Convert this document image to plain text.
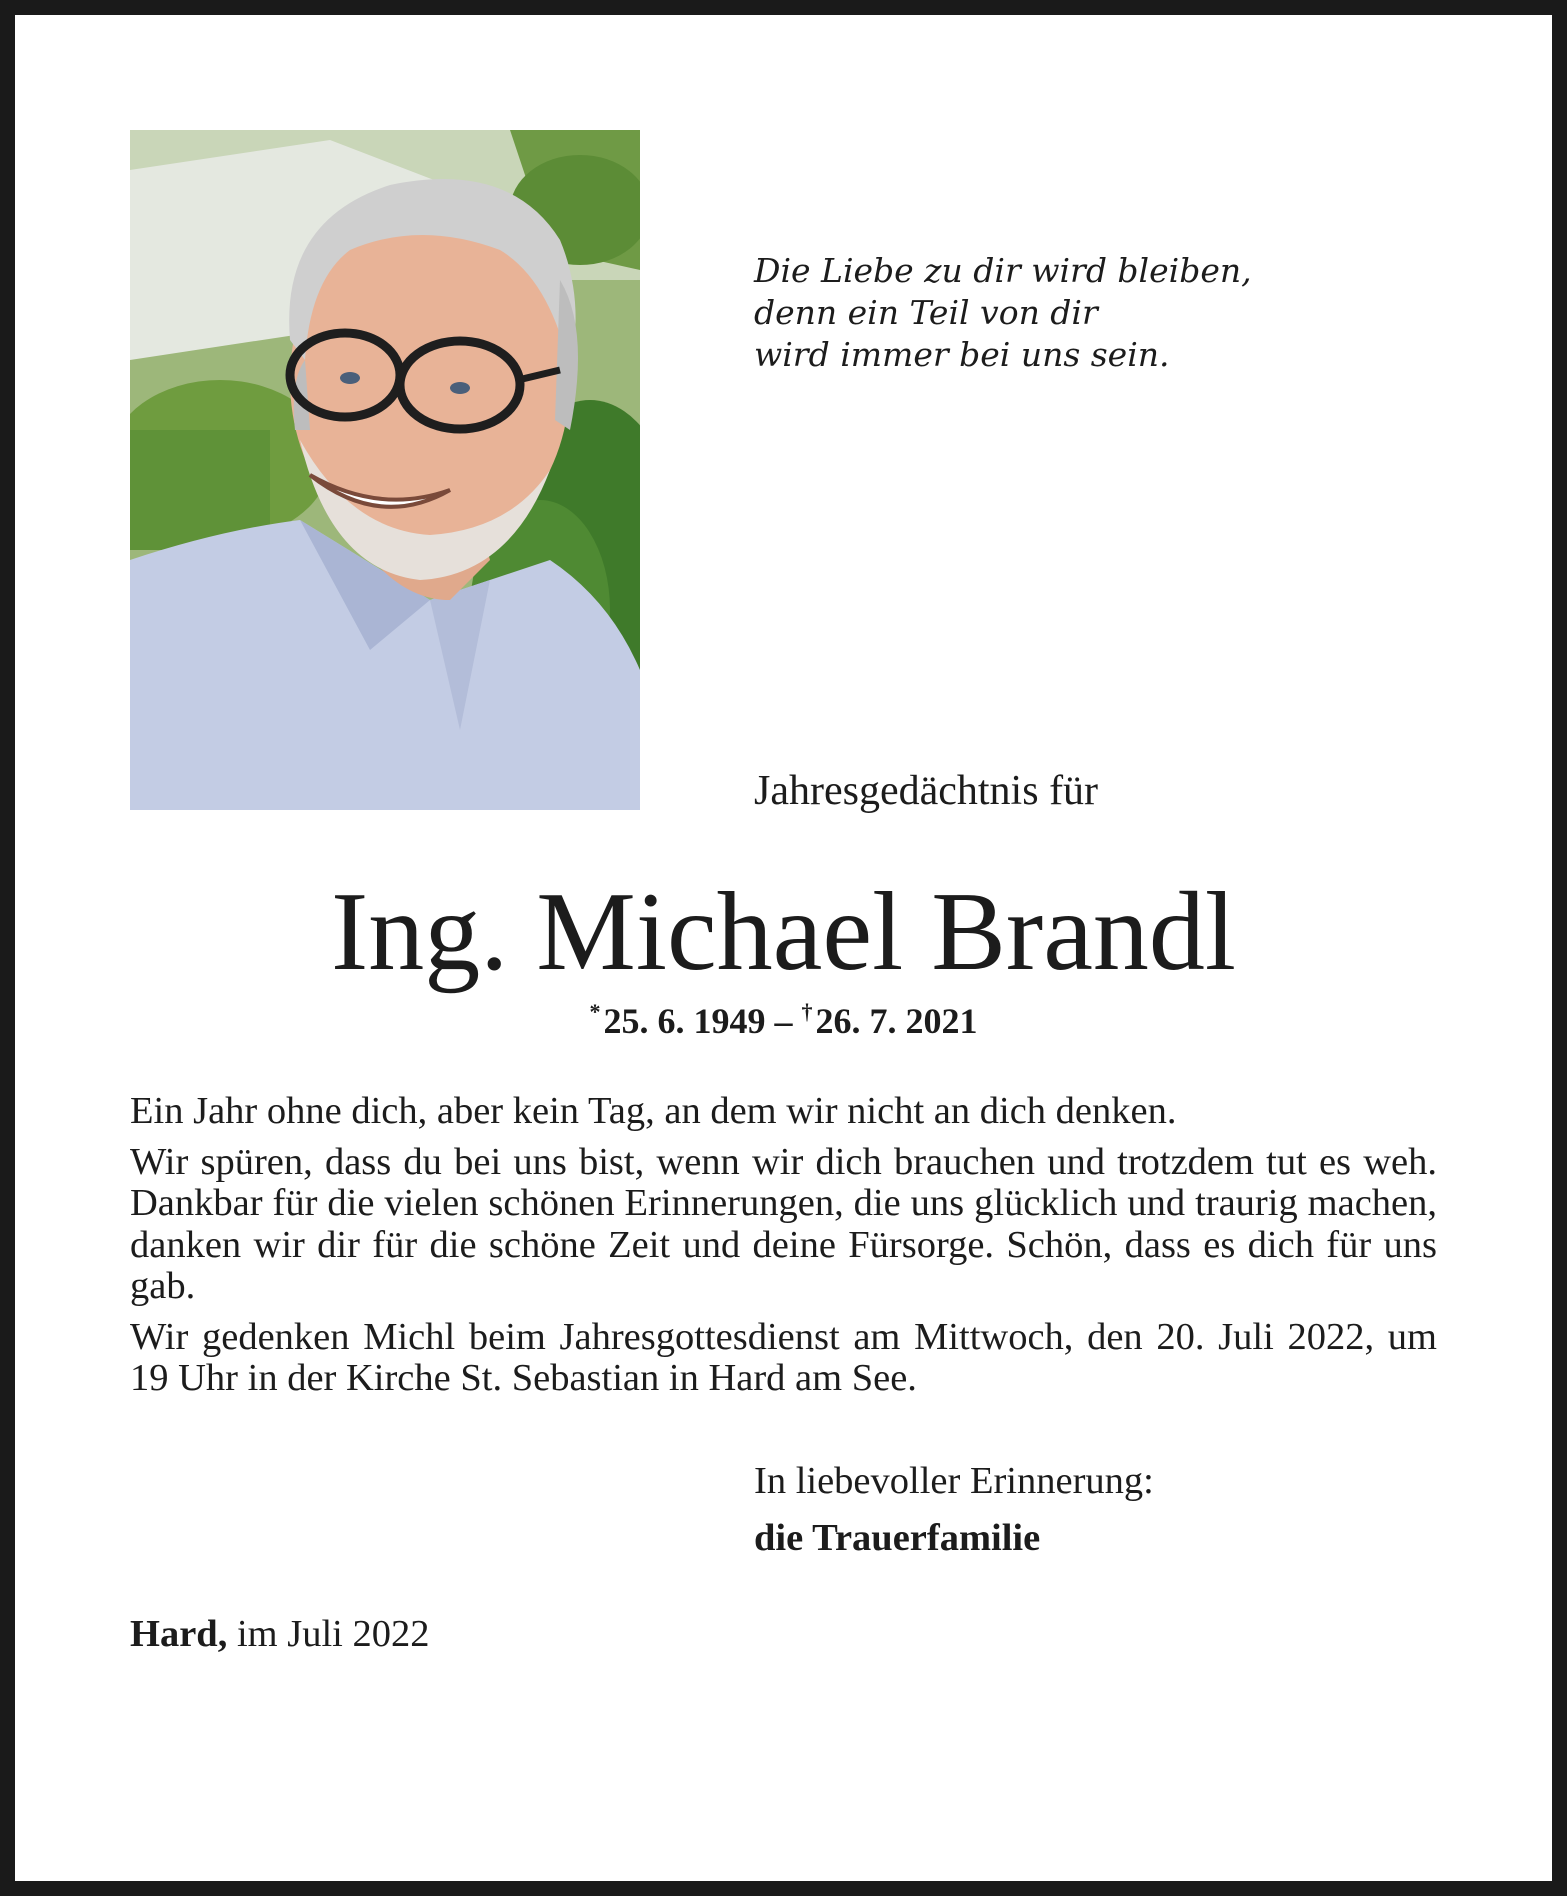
Die Liebe zu dir wird bleiben,
denn ein Teil von dir
wird immer bei uns sein.
Jahresgedächtnis für
Ing. Michael Brandl
* 25. 6. 1949 – † 26. 7. 2021

Ein Jahr ohne dich, aber kein Tag, an dem wir nicht an dich denken.

Wir spüren, dass du bei uns bist, wenn wir dich brauchen und trotzdem tut es weh. Dankbar für die vielen schönen Erinnerungen, die uns glücklich und traurig machen, danken wir dir für die schöne Zeit und deine Fürsorge. Schön, dass es dich für uns gab.

Wir gedenken Michl beim Jahresgottesdienst am Mittwoch, den 20. Juli 2022, um 19 Uhr in der Kirche St. Sebastian in Hard am See.

In liebevoller Erinnerung:
die Trauerfamilie
Hard, im Juli 2022
